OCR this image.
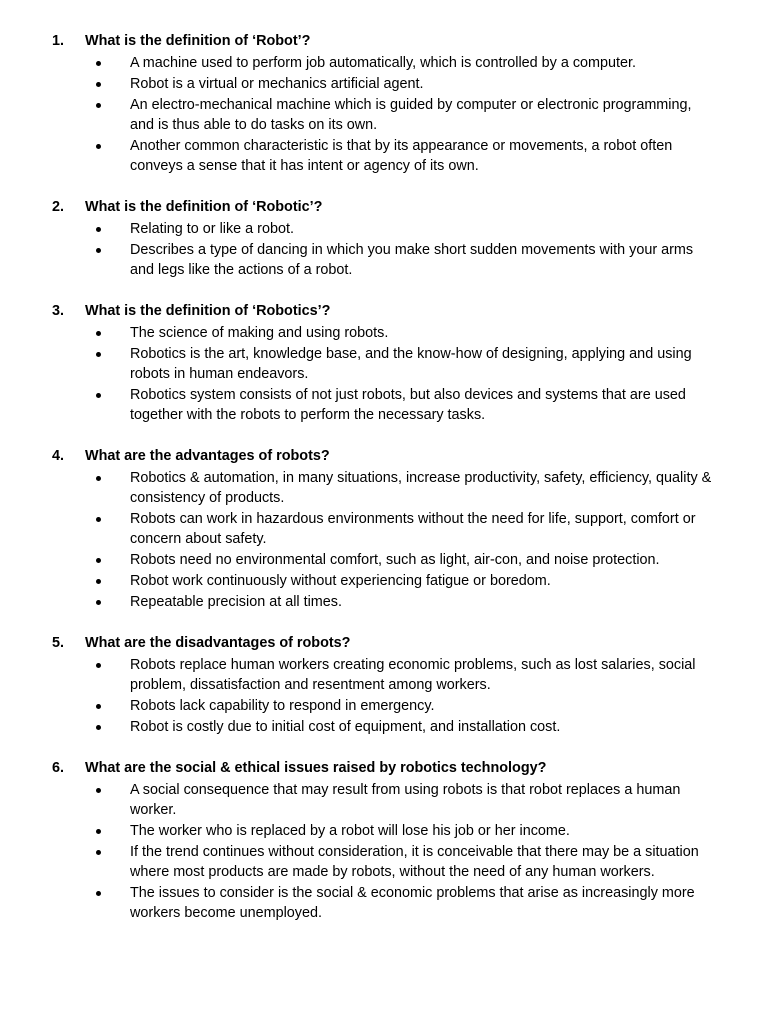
1. What is the definition of ‘Robot’?
A machine used to perform job automatically, which is controlled by a computer.
Robot is a virtual or mechanics artificial agent.
An electro-mechanical machine which is guided by computer or electronic programming, and is thus able to do tasks on its own.
Another common characteristic is that by its appearance or movements, a robot often conveys a sense that it has intent or agency of its own.
2. What is the definition of ‘Robotic’?
Relating to or like a robot.
Describes a type of dancing in which you make short sudden movements with your arms and legs like the actions of a robot.
3. What is the definition of ‘Robotics’?
The science of making and using robots.
Robotics is the art, knowledge base, and the know-how of designing, applying and using robots in human endeavors.
Robotics system consists of not just robots, but also devices and systems that are used together with the robots to perform the necessary tasks.
4. What are the advantages of robots?
Robotics & automation, in many situations, increase productivity, safety, efficiency, quality & consistency of products.
Robots can work in hazardous environments without the need for life, support, comfort or concern about safety.
Robots need no environmental comfort, such as light, air-con, and noise protection.
Robot work continuously without experiencing fatigue or boredom.
Repeatable precision at all times.
5. What are the disadvantages of robots?
Robots replace human workers creating economic problems, such as lost salaries, social problem, dissatisfaction and resentment among workers.
Robots lack capability to respond in emergency.
Robot is costly due to initial cost of equipment, and installation cost.
6. What are the social & ethical issues raised by robotics technology?
A social consequence that may result from using robots is that robot replaces a human worker.
The worker who is replaced by a robot will lose his job or her income.
If the trend continues without consideration, it is conceivable that there may be a situation where most products are made by robots, without the need of any human workers.
The issues to consider is the social & economic problems that arise as increasingly more workers become unemployed.
